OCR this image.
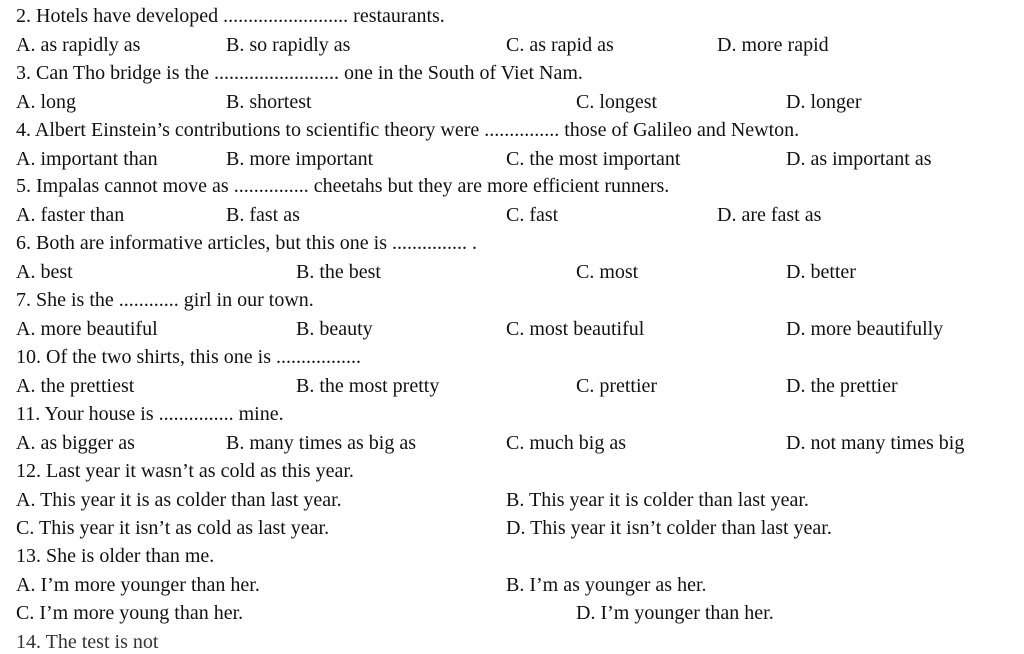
2. Hotels have developed ......................... restaurants.
A. as rapidly as	B. so rapidly as	C. as rapid as	D. more rapid
3. Can Tho bridge is the ......................... one in the South of Viet Nam.
A. long	B. shortest	C. longest	D. longer
4. Albert Einstein’s contributions to scientific theory were ............... those of Galileo and Newton.
A. important than	B. more important	C. the most important	D. as important as
5. Impalas cannot move as ............... cheetahs but they are more efficient runners.
A. faster than	B. fast as	C. fast	D. are fast as
6. Both are informative articles, but this one is ............... .
A. best	B. the best	C. most	D. better
7. She is the ............ girl in our town.
A. more beautiful	B. beauty	C. most beautiful	D. more beautifully
10. Of the two shirts, this one is .................
A. the prettiest	B. the most pretty	C. prettier	D. the prettier
11. Your house is ............... mine.
A. as bigger as	B. many times as big as	C. much big as	D. not many times big
12. Last year it wasn’t as cold as this year.
A. This year it is as colder than last year.	B. This year it is colder than last year.
C. This year it isn’t as cold as last year.	D. This year it isn’t colder than last year.
13. She is older than me.
A. I’m more younger than her.	B. I’m as younger as her.
C. I’m more young than her.	D. I’m younger than her.
14. The test is not
